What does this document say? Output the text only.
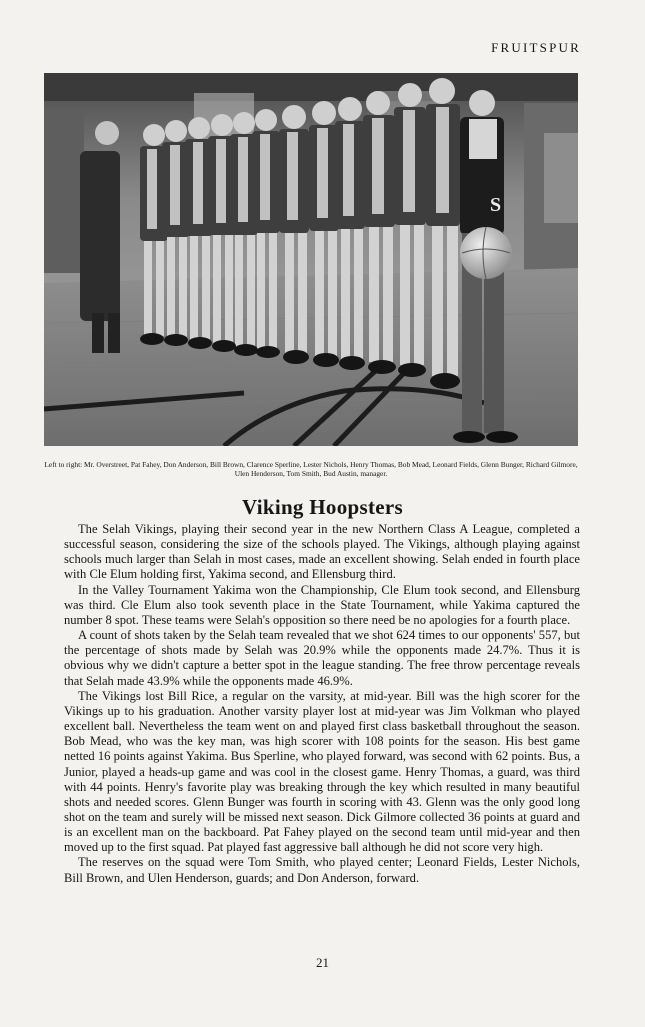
FRUITSPUR
S
Left to right: Mr. Overstreet, Pat Fahey, Don Anderson, Bill Brown, Clarence Sperline, Lester Nichols, Henry Thomas, Bob Mead, Leonard Fields, Glenn Bunger, Richard Gilmore, Ulen Henderson, Tom Smith, Bud Austin, manager.
Viking Hoopsters

The Selah Vikings, playing their second year in the new Northern Class A League, completed a successful season, considering the size of the schools played. The Vikings, although playing against schools much larger than Selah in most cases, made an excellent showing. Selah ended in fourth place with Cle Elum holding first, Yakima second, and Ellensburg third.

In the Valley Tournament Yakima won the Championship, Cle Elum took second, and Ellensburg was third. Cle Elum also took seventh place in the State Tournament, while Yakima captured the number 8 spot. These teams were Selah's opposition so there need be no apologies for a fourth place.

A count of shots taken by the Selah team revealed that we shot 624 times to our opponents' 557, but the percentage of shots made by Selah was 20.9% while the opponents made 24.7%. Thus it is obvious why we didn't capture a better spot in the league standing. The free throw percentage reveals that Selah made 43.9% while the opponents made 46.9%.

The Vikings lost Bill Rice, a regular on the varsity, at mid-year. Bill was the high scorer for the Vikings up to his graduation. Another varsity player lost at mid-year was Jim Volkman who played excellent ball. Nevertheless the team went on and played first class basketball throughout the season. Bob Mead, who was the key man, was high scorer with 108 points for the season. His best game netted 16 points against Yakima. Bus Sperline, who played forward, was second with 62 points. Bus, a Junior, played a heads-up game and was cool in the closest game. Henry Thomas, a guard, was third with 44 points. Henry's favorite play was breaking through the key which resulted in many beautiful shots and needed scores. Glenn Bunger was fourth in scoring with 43. Glenn was the only good long shot on the team and surely will be missed next season. Dick Gilmore collected 36 points at guard and is an excellent man on the backboard. Pat Fahey played on the second team until mid-year and then moved up to the first squad. Pat played fast aggressive ball although he did not score very high.

The reserves on the squad were Tom Smith, who played center; Leonard Fields, Lester Nichols, Bill Brown, and Ulen Henderson, guards; and Don Anderson, forward.

21
